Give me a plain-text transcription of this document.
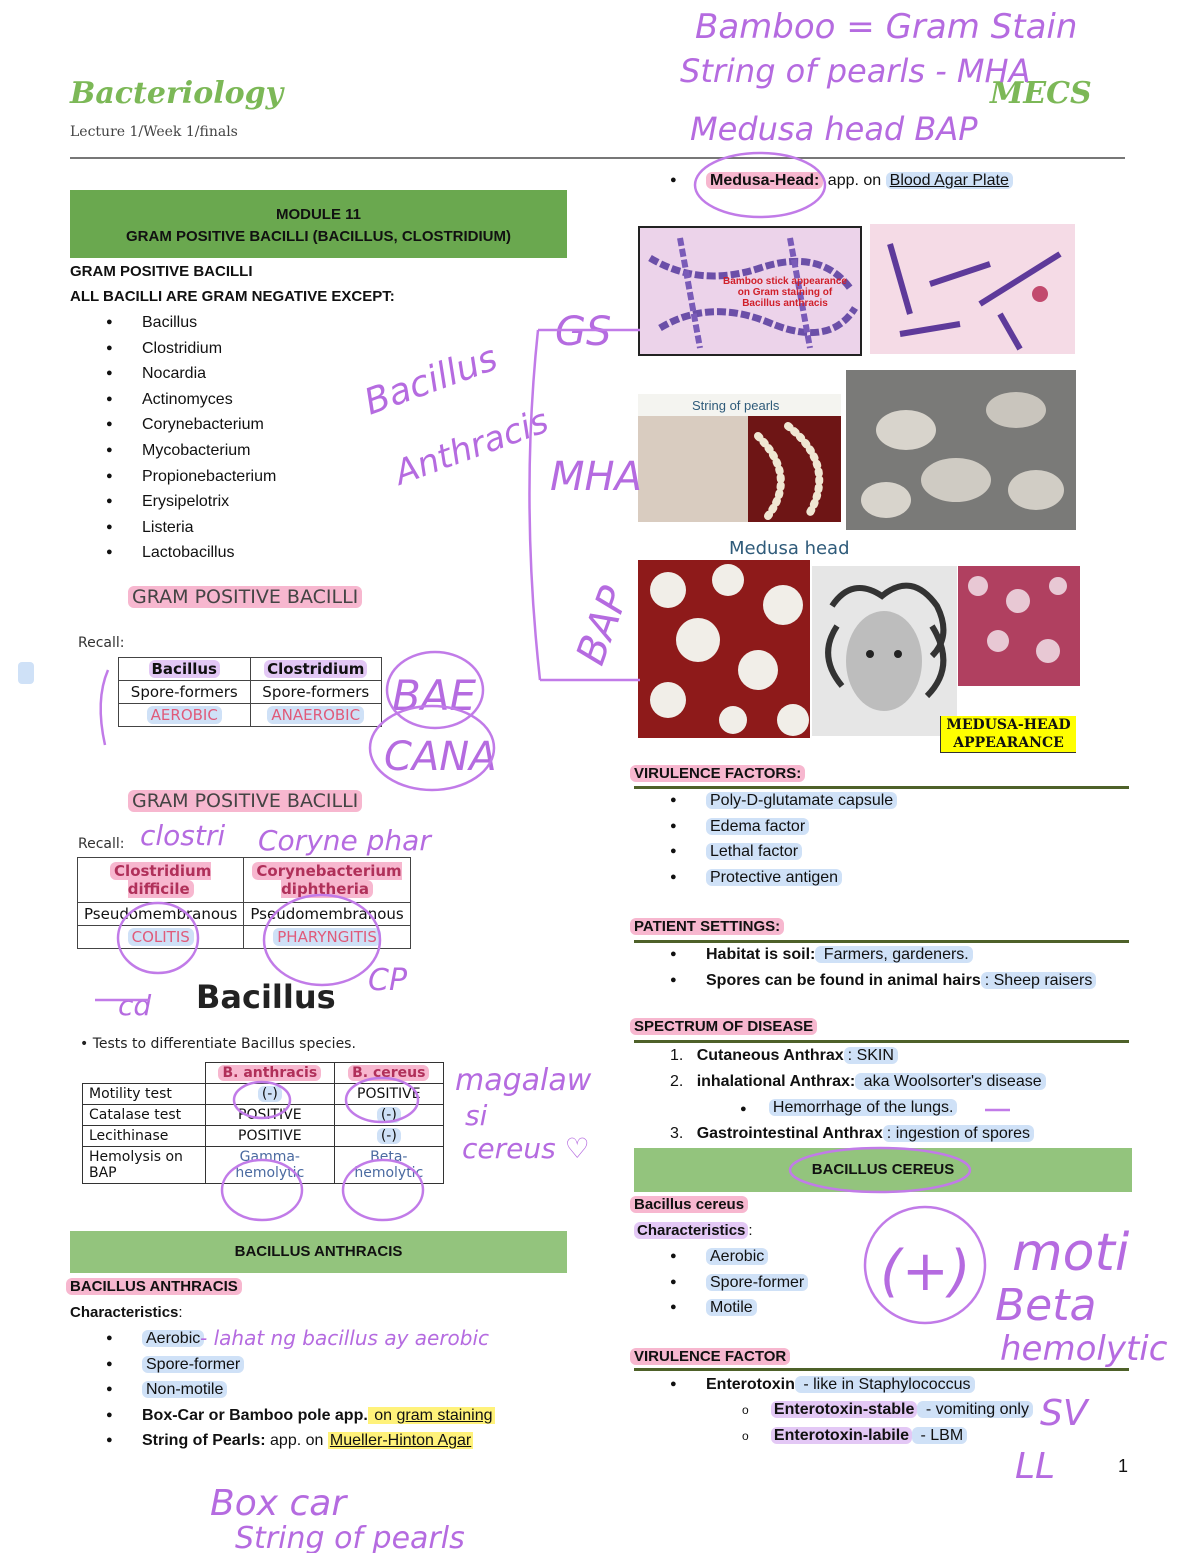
Bacteriology
Lecture 1/Week 1/finals
MECS
MODULE 11
GRAM POSITIVE BACILLI (BACILLUS, CLOSTRIDIUM)
GRAM POSITIVE BACILLI
ALL BACILLI ARE GRAM NEGATIVE EXCEPT:
● Bacillus
● Clostridium
● Nocardia
● Actinomyces
● Corynebacterium
● Mycobacterium
● Propionebacterium
● Erysipelotrix
● Listeria
● Lactobacillus
GRAM POSITIVE BACILLI
Recall:
Bacillus	Clostridium
Spore-formers	Spore-formers
AEROBIC	ANAEROBIC
GRAM POSITIVE BACILLI
Recall:
Clostridium difficile	Corynebacterium diphtheria
Pseudomembranous	Pseudomembranous
COLITIS	PHARYNGITIS
Bacillus
• Tests to differentiate Bacillus species.
	B. anthracis	B. cereus
Motility test	(-)	POSITIVE
Catalase test	POSITIVE	(-)
Lecithinase	POSITIVE	(-)
Hemolysis on BAP	Gamma-hemolytic	Beta-hemolytic
BACILLUS ANTHRACIS
BACILLUS ANTHRACIS
Characteristics:
● Aerobic
● Spore-former
● Non-motile
● Box-Car or Bamboo pole app. on gram staining
● String of Pearls: app. on Mueller-Hinton Agar
● Medusa-Head: app. on Blood Agar Plate
Bamboo stick appearance on Gram staining of Bacillus anthracis
String of pearls
Medusa head
MEDUSA-HEAD APPEARANCE
VIRULENCE FACTORS:
● Poly-D-glutamate capsule
● Edema factor
● Lethal factor
● Protective antigen
PATIENT SETTINGS:
● Habitat is soil: Farmers, gardeners.
● Spores can be found in animal hairs : Sheep raisers
SPECTRUM OF DISEASE
1. Cutaneous Anthrax : SKIN
2. inhalational Anthrax: aka Woolsorter's disease
● Hemorrhage of the lungs.
3. Gastrointestinal Anthrax : ingestion of spores
BACILLUS CEREUS
Bacillus cereus
Characteristics :
● Aerobic
● Spore-former
● Motile
VIRULENCE FACTOR
● Enterotoxin - like in Staphylococcus
o Enterotoxin-stable - vomiting only
o Enterotoxin-labile - LBM
1
Bamboo = Gram Stain
String of pearls - MHA
Medusa head BAP
GS
Bacillus
Anthracis
MHA
BAP
BAE
CANA
clostri Coryne phar
cd
CP
magalaw
si
cereus ♡
- lahat ng bacillus ay aerobic
Box car
String of pearls
(+) moti
Beta
hemolytic
SV
LL
